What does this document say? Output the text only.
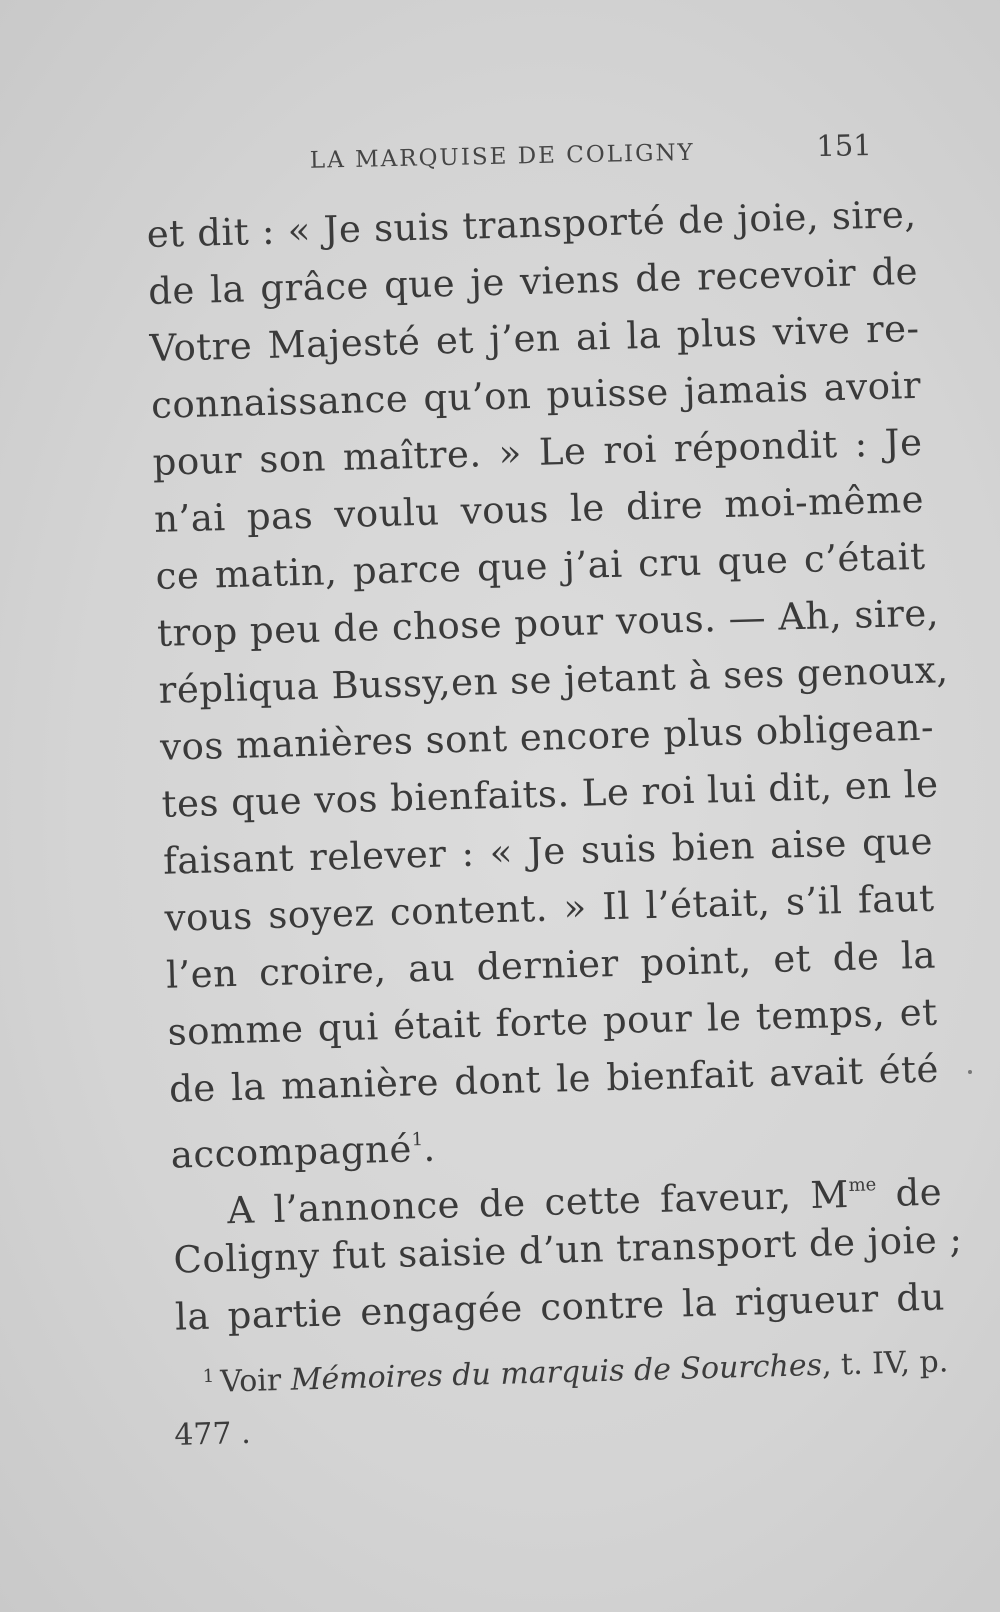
LA MARQUISE DE COLIGNY	151
et dit : « Je suis transporté de joie, sire,
de la grâce que je viens de recevoir de
Votre Majesté et j’en ai la plus vive re-
connaissance qu’on puisse jamais avoir
pour son maître. » Le roi répondit : Je
n’ai pas voulu vous le dire moi-même
ce matin, parce que j’ai cru que c’était
trop peu de chose pour vous. — Ah, sire,
répliqua Bussy,en se jetant à ses genoux,
vos manières sont encore plus obligean-
tes que vos bienfaits. Le roi lui dit, en le
faisant relever : « Je suis bien aise que
vous soyez content. » Il l’était, s’il faut
l’en croire, au dernier point, et de la
somme qui était forte pour le temps, et
de la manière dont le bienfait avait été
accompagné$^1$.
A l’annonce de cette faveur, $M^{me}$ de
Coligny fut saisie d’un transport de joie ;
la partie engagée contre la rigueur du
$^1$ Voir Mémoires du marquis de Sourches, t. IV, p.
477 .
